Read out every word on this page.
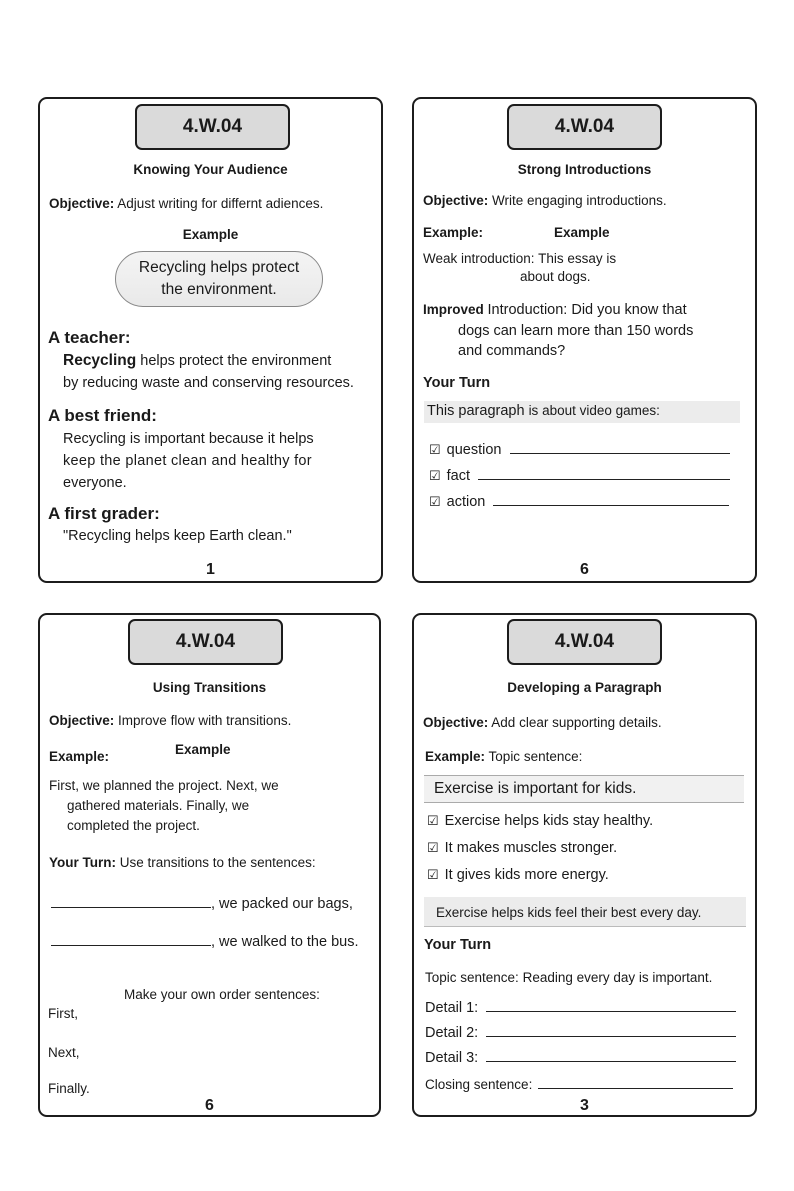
4.W.04
Knowing Your Audience
Objective: Adjust writing for differnt adiences.
Example
Recycling helps protect
the environment.
A teacher:
Recycling helps protect the environment
by reducing waste and conserving resources.
A best friend:
Recycling is important because it helps
keep the planet clean and healthy for
everyone.
A first grader:
"Recycling helps keep Earth clean."
1
4.W.04
Strong Introductions
Objective: Write engaging introductions.
Example:	Example
Weak introduction: This essay is
about dogs.
Improved Introduction: Did you know that
dogs can learn more than 150 words
and commands?
Your Turn
This paragraph is about video games:
☑ question
☑ fact
☑ action
6
4.W.04
Using Transitions
Objective: Improve flow with transitions.
Example:	Example
First, we planned the project. Next, we
gathered materials. Finally, we
completed the project.
Your Turn: Use transitions to the sentences:
, we packed our bags,
, we walked to the bus.
Make your own order sentences:
First,
Next,
Finally.
6
4.W.04
Developing a Paragraph
Objective: Add clear supporting details.
Example: Topic sentence:
Exercise is important for kids.
☑ Exercise helps kids stay healthy.
☑ It makes muscles stronger.
☑ It gives kids more energy.
Exercise helps kids feel their best every day.
Your Turn
Topic sentence: Reading every day is important.
Detail 1:
Detail 2:
Detail 3:
Closing sentence:
3
